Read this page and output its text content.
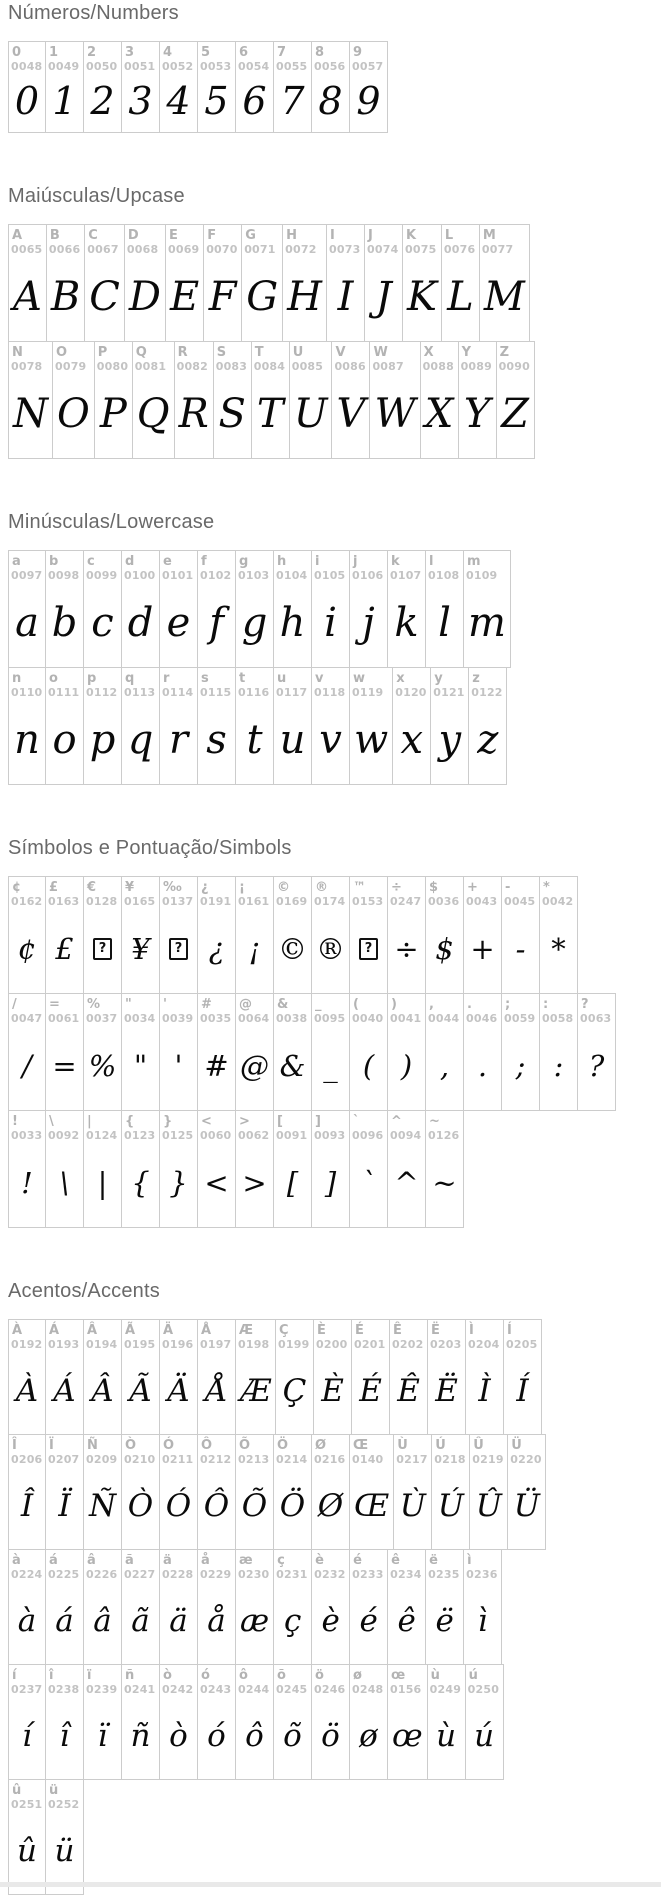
Números/Numbers
0
0048
0
1
0049
1
2
0050
2
3
0051
3
4
0052
4
5
0053
5
6
0054
6
7
0055
7
8
0056
8
9
0057
9
Maiúsculas/Upcase
A
0065
A
B
0066
B
C
0067
C
D
0068
D
E
0069
E
F
0070
F
G
0071
G
H
0072
H
I
0073
I
J
0074
J
K
0075
K
L
0076
L
M
0077
M
N
0078
N
O
0079
O
P
0080
P
Q
0081
Q
R
0082
R
S
0083
S
T
0084
T
U
0085
U
V
0086
V
W
0087
W
X
0088
X
Y
0089
Y
Z
0090
Z
Minúsculas/Lowercase
a
0097
a
b
0098
b
c
0099
c
d
0100
d
e
0101
e
f
0102
f
g
0103
g
h
0104
h
i
0105
i
j
0106
j
k
0107
k
l
0108
l
m
0109
m
n
0110
n
o
0111
o
p
0112
p
q
0113
q
r
0114
r
s
0115
s
t
0116
t
u
0117
u
v
0118
v
w
0119
w
x
0120
x
y
0121
y
z
0122
z
Símbolos e Pontuação/Simbols
¢
0162
¢
£
0163
£
€
0128
?
¥
0165
¥
‰
0137
?
¿
0191
¿
¡
0161
¡
©
0169
©
®
0174
®
™
0153
?
÷
0247
÷
$
0036
$
+
0043
+
-
0045
-
*
0042
*
/
0047
/
=
0061
=
%
0037
%
"
0034
"
'
0039
'
#
0035
#
@
0064
@
&
0038
&
_
0095
_
(
0040
(
)
0041
)
,
0044
,
.
0046
.
;
0059
;
:
0058
:
?
0063
?
!
0033
!
\
0092
\
|
0124
|
{
0123
{
}
0125
}
<
0060
<
>
0062
>
[
0091
[
]
0093
]
`
0096
`
^
0094
^
~
0126
~
Acentos/Accents
À
0192
À
Á
0193
Á
Â
0194
Â
Ã
0195
Ã
Ä
0196
Ä
Å
0197
Å
Æ
0198
Æ
Ç
0199
Ç
È
0200
È
É
0201
É
Ê
0202
Ê
Ë
0203
Ë
Ì
0204
Ì
Í
0205
Í
Î
0206
Î
Ï
0207
Ï
Ñ
0209
Ñ
Ò
0210
Ò
Ó
0211
Ó
Ô
0212
Ô
Õ
0213
Õ
Ö
0214
Ö
Ø
0216
Ø
Œ
0140
Œ
Ù
0217
Ù
Ú
0218
Ú
Û
0219
Û
Ü
0220
Ü
à
0224
à
á
0225
á
â
0226
â
ã
0227
ã
ä
0228
ä
å
0229
å
æ
0230
æ
ç
0231
ç
è
0232
è
é
0233
é
ê
0234
ê
ë
0235
ë
ì
0236
ì
í
0237
í
î
0238
î
ï
0239
ï
ñ
0241
ñ
ò
0242
ò
ó
0243
ó
ô
0244
ô
õ
0245
õ
ö
0246
ö
ø
0248
ø
œ
0156
œ
ù
0249
ù
ú
0250
ú
û
0251
û
ü
0252
ü
